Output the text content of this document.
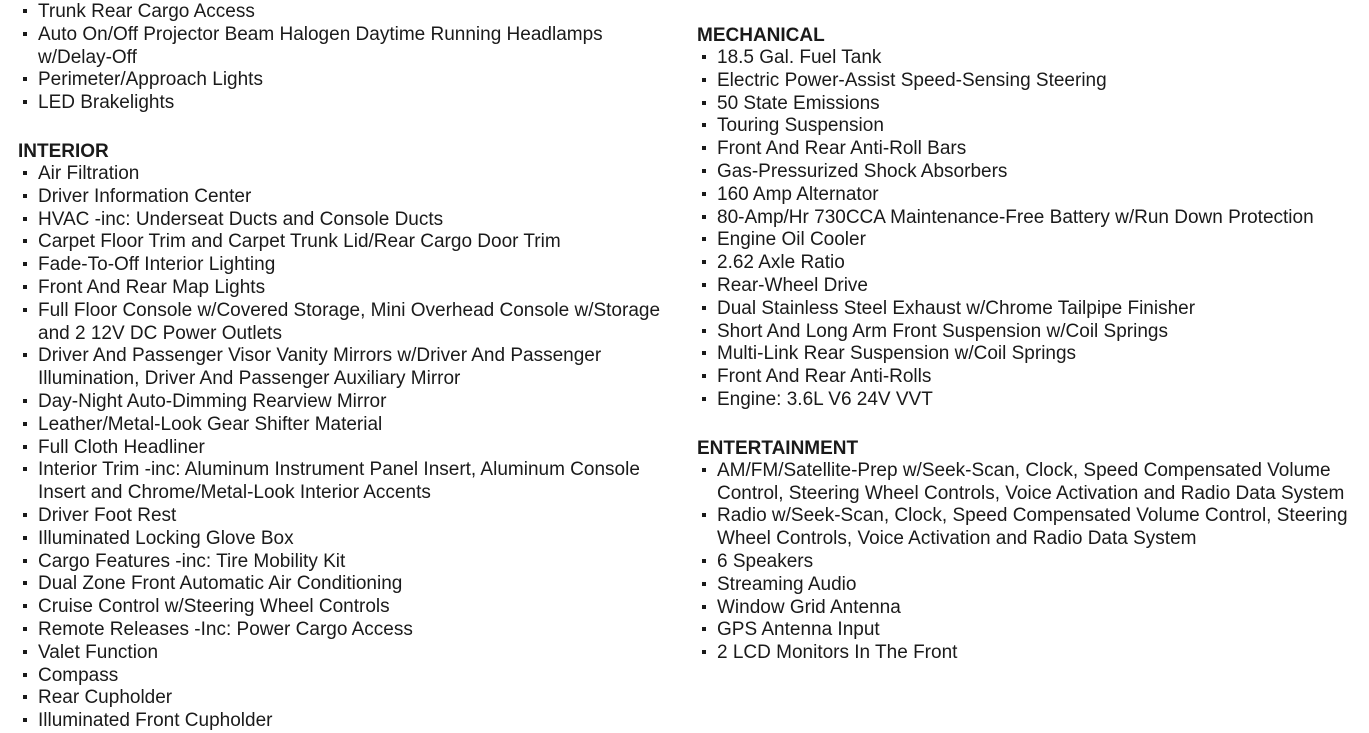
Trunk Rear Cargo Access
Auto On/Off Projector Beam Halogen Daytime Running Headlamps w/Delay-Off
Perimeter/Approach Lights
LED Brakelights
INTERIOR
Air Filtration
Driver Information Center
HVAC -inc: Underseat Ducts and Console Ducts
Carpet Floor Trim and Carpet Trunk Lid/Rear Cargo Door Trim
Fade-To-Off Interior Lighting
Front And Rear Map Lights
Full Floor Console w/Covered Storage, Mini Overhead Console w/Storage and 2 12V DC Power Outlets
Driver And Passenger Visor Vanity Mirrors w/Driver And Passenger Illumination, Driver And Passenger Auxiliary Mirror
Day-Night Auto-Dimming Rearview Mirror
Leather/Metal-Look Gear Shifter Material
Full Cloth Headliner
Interior Trim -inc: Aluminum Instrument Panel Insert, Aluminum Console Insert and Chrome/Metal-Look Interior Accents
Driver Foot Rest
Illuminated Locking Glove Box
Cargo Features -inc: Tire Mobility Kit
Dual Zone Front Automatic Air Conditioning
Cruise Control w/Steering Wheel Controls
Remote Releases -Inc: Power Cargo Access
Valet Function
Compass
Rear Cupholder
Illuminated Front Cupholder
MECHANICAL
18.5 Gal. Fuel Tank
Electric Power-Assist Speed-Sensing Steering
50 State Emissions
Touring Suspension
Front And Rear Anti-Roll Bars
Gas-Pressurized Shock Absorbers
160 Amp Alternator
80-Amp/Hr 730CCA Maintenance-Free Battery w/Run Down Protection
Engine Oil Cooler
2.62 Axle Ratio
Rear-Wheel Drive
Dual Stainless Steel Exhaust w/Chrome Tailpipe Finisher
Short And Long Arm Front Suspension w/Coil Springs
Multi-Link Rear Suspension w/Coil Springs
Front And Rear Anti-Rolls
Engine: 3.6L V6 24V VVT
ENTERTAINMENT
AM/FM/Satellite-Prep w/Seek-Scan, Clock, Speed Compensated Volume Control, Steering Wheel Controls, Voice Activation and Radio Data System
Radio w/Seek-Scan, Clock, Speed Compensated Volume Control, Steering Wheel Controls, Voice Activation and Radio Data System
6 Speakers
Streaming Audio
Window Grid Antenna
GPS Antenna Input
2 LCD Monitors In The Front
